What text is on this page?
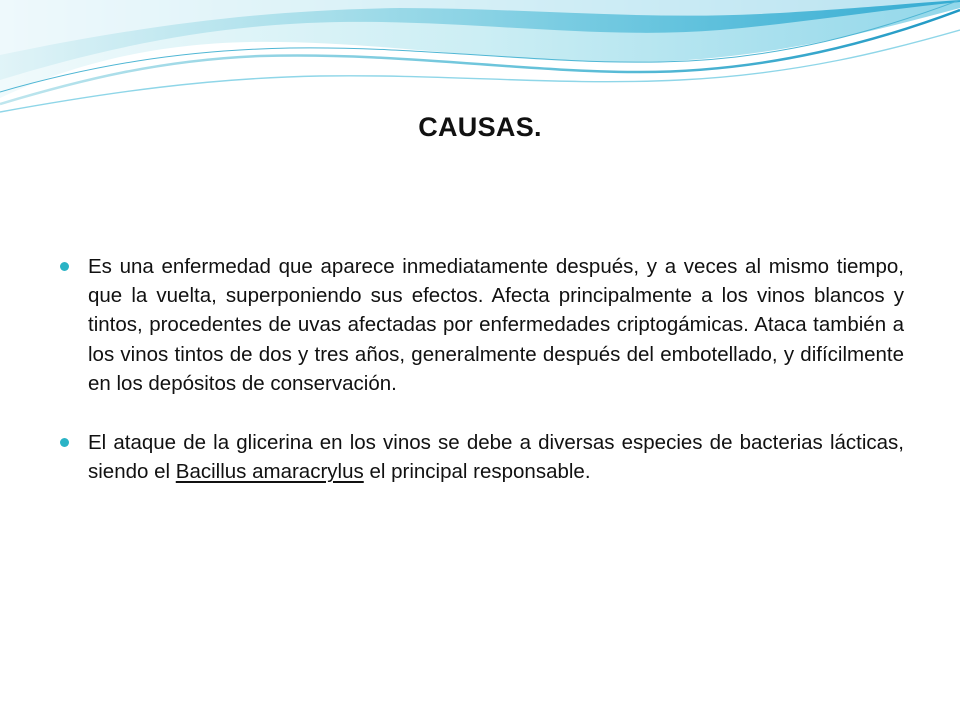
CAUSAS.
Es una enfermedad que aparece inmediatamente después, y a veces al mismo tiempo, que la vuelta, superponiendo sus efectos. Afecta principalmente a los vinos blancos y tintos, procedentes de uvas afectadas por enfermedades criptogámicas. Ataca también a los vinos tintos de dos y tres años, generalmente después del embotellado, y difícilmente en los depósitos de conservación.
El ataque de la glicerina en los vinos se debe a diversas especies de bacterias lácticas, siendo el Bacillus amaracrylus el principal responsable.
